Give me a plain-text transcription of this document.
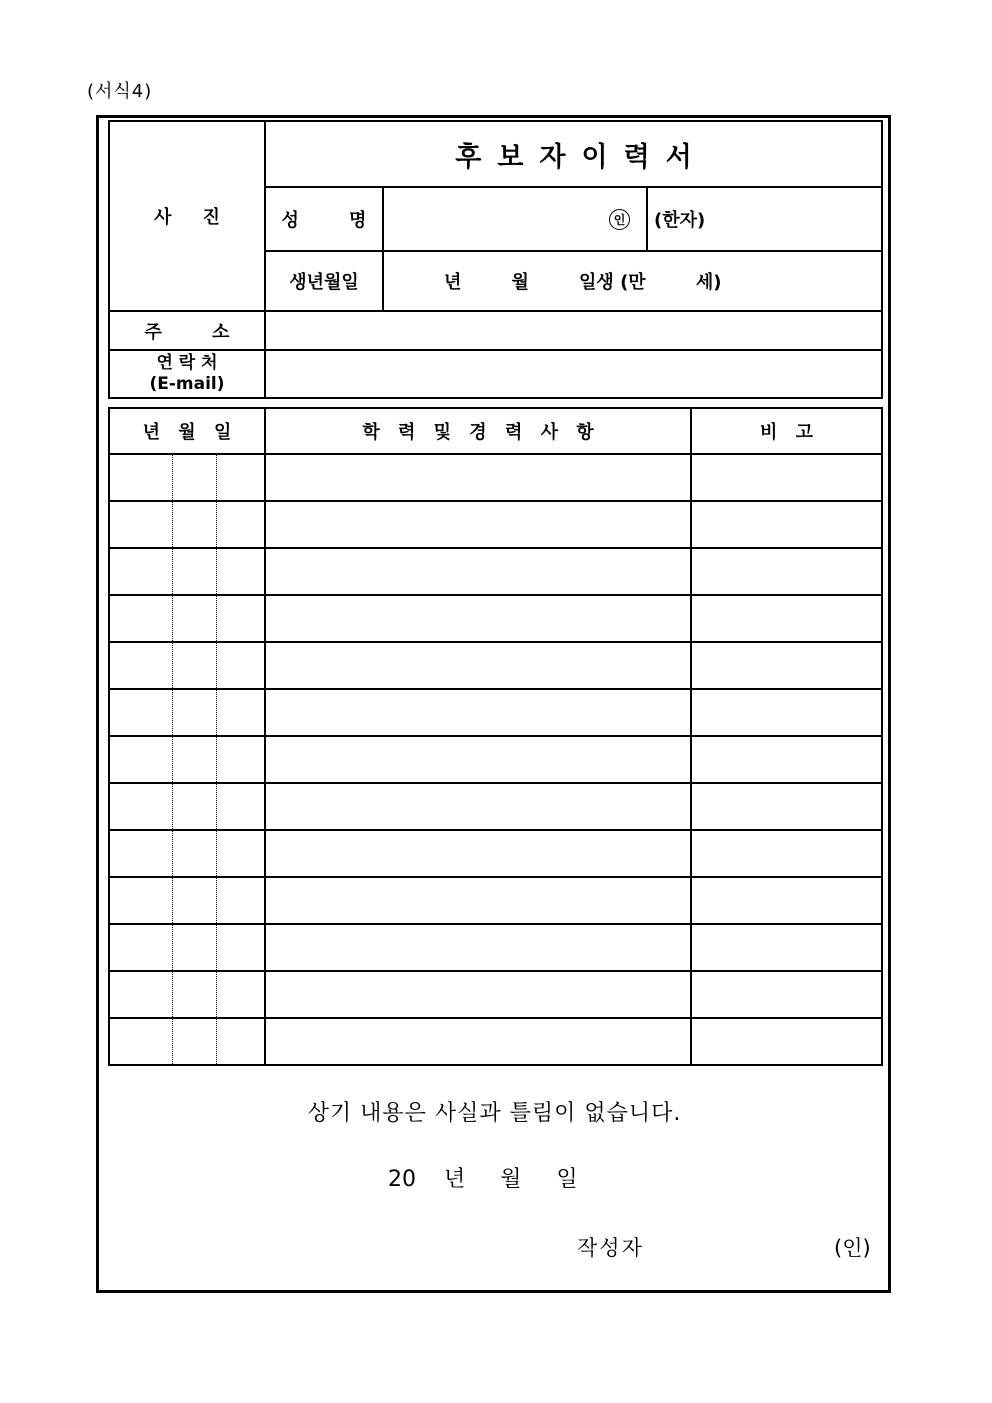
(서식4)
사     진	후보자이력서		
	성        명	인	(한자)
	생년월일	년        월        일생 (만        세)	
주        소			

연 락 처
(E-mail)			

년 월 일			학 력 및 경 력 사 항	비 고

상기 내용은 사실과 틀림이 없습니다.
20    년     월     일
작성자	(인)
